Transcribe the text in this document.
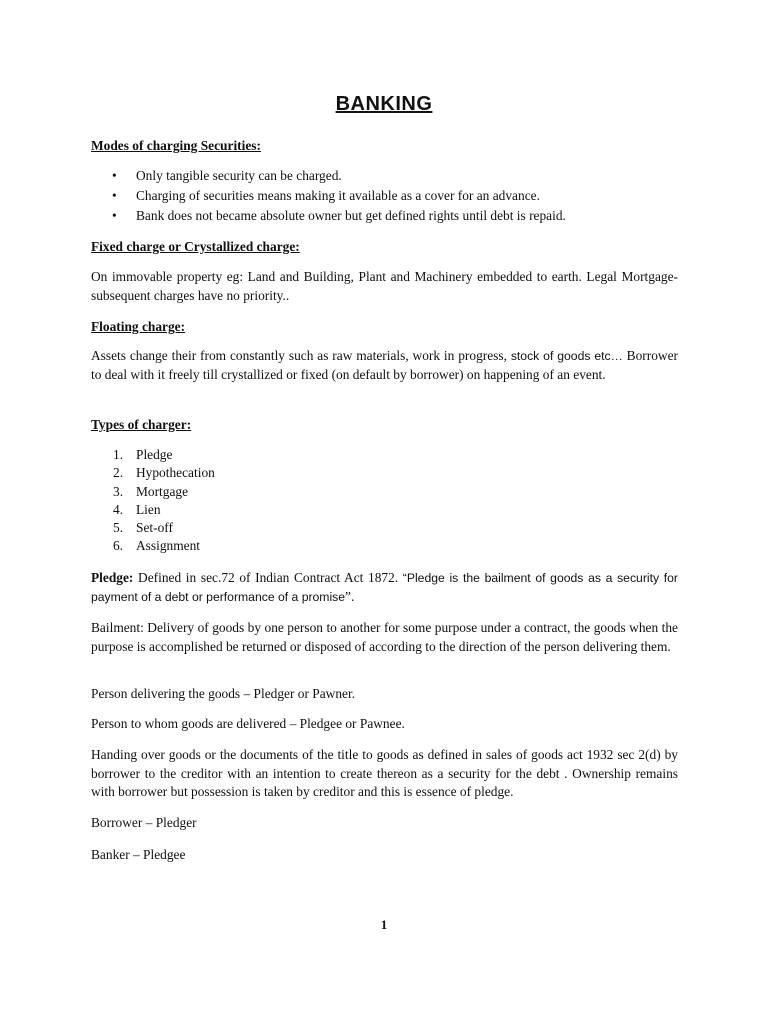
BANKING
Modes of charging Securities:
• Only tangible security can be charged.
• Charging of securities means making it available as a cover for an advance.
• Bank does not became absolute owner but get defined rights until debt is repaid.
Fixed charge or Crystallized charge:
On immovable property eg: Land and Building, Plant and Machinery embedded to earth. Legal Mortgage- subsequent charges have no priority..
Floating charge:
Assets change their from constantly such as raw materials, work in progress, stock of goods etc… Borrower to deal with it freely till crystallized or fixed (on default by borrower) on happening of an event.
Types of charger:
1. Pledge
2. Hypothecation
3. Mortgage
4. Lien
5. Set-off
6. Assignment
Pledge: Defined in sec.72 of Indian Contract Act 1872. “Pledge is the bailment of goods as a security for payment of a debt or performance of a promise”.
Bailment: Delivery of goods by one person to another for some purpose under a contract, the goods when the purpose is accomplished be returned or disposed of according to the direction of the person delivering them.
Person delivering the goods – Pledger or Pawner.
Person to whom goods are delivered – Pledgee or Pawnee.
Handing over goods or the documents of the title to goods as defined in sales of goods act 1932 sec 2(d) by borrower to the creditor with an intention to create thereon as a security for the debt . Ownership remains with borrower but possession is taken by creditor and this is essence of pledge.
Borrower – Pledger
Banker – Pledgee
1
